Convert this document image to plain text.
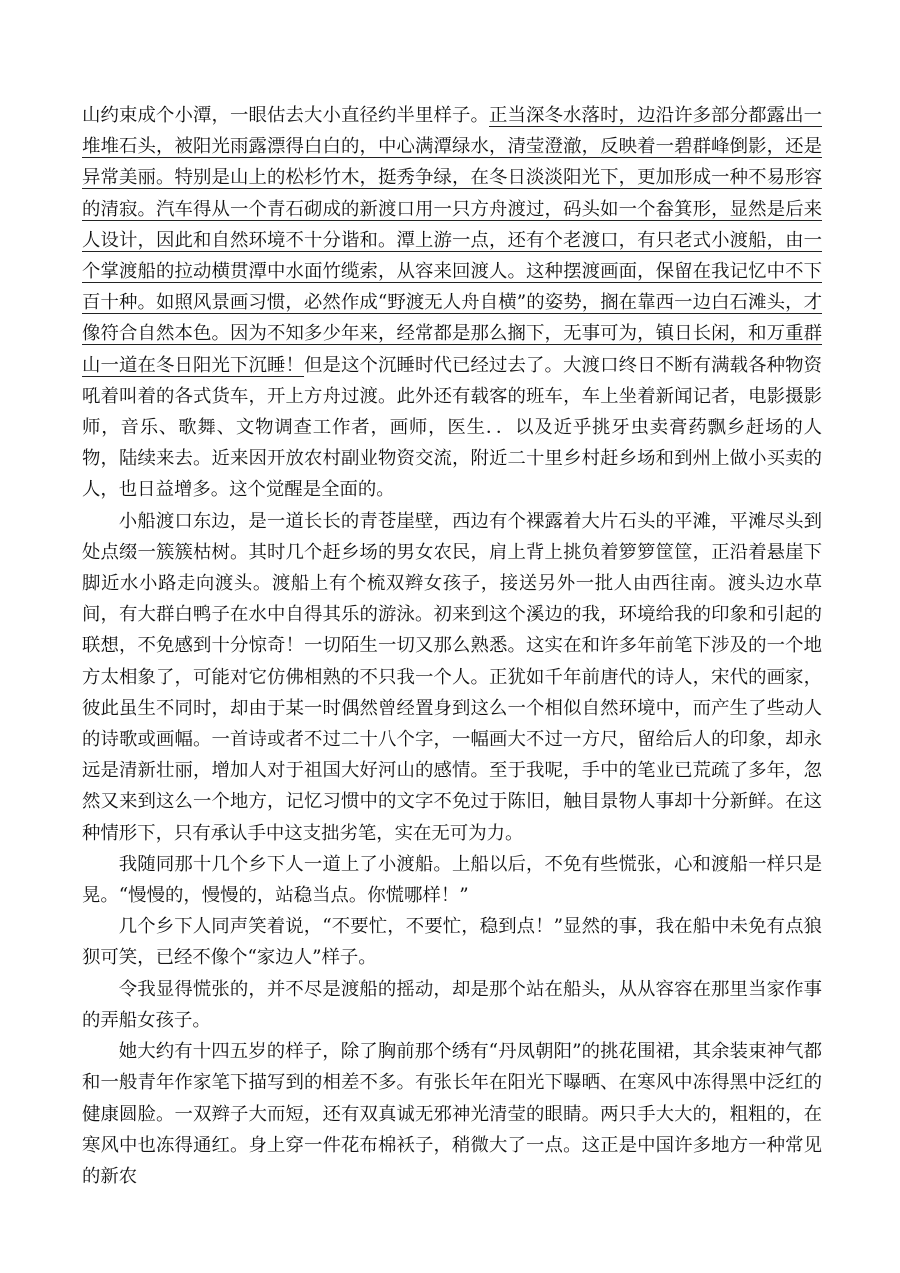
山约束成个小潭，一眼估去大小直径约半里样子。正当深冬水落时，边沿许多部分都露出一堆堆石头，被阳光雨露漂得白白的，中心满潭绿水，清莹澄澈，反映着一碧群峰倒影，还是异常美丽。特别是山上的松杉竹木，挺秀争绿，在冬日淡淡阳光下，更加形成一种不易形容的清寂。汽车得从一个青石砌成的新渡口用一只方舟渡过，码头如一个畚箕形，显然是后来人设计，因此和自然环境不十分谐和。潭上游一点，还有个老渡口，有只老式小渡船，由一个掌渡船的拉动横贯潭中水面竹缆索，从容来回渡人。这种摆渡画面，保留在我记忆中不下百十种。如照风景画习惯，必然作成“野渡无人舟自横”的姿势，搁在靠西一边白石滩头，才像符合自然本色。因为不知多少年来，经常都是那么搁下，无事可为，镇日长闲，和万重群山一道在冬日阳光下沉睡！但是这个沉睡时代已经过去了。大渡口终日不断有满载各种物资吼着叫着的各式货车，开上方舟过渡。此外还有载客的班车，车上坐着新闻记者，电影摄影师，音乐、歌舞、文物调查工作者，画师，医生．．以及近乎挑牙虫卖膏药飘乡赶场的人物，陆续来去。近来因开放农村副业物资交流，附近二十里乡村赶乡场和到州上做小买卖的人，也日益增多。这个觉醒是全面的。

小船渡口东边，是一道长长的青苍崖壁，西边有个裸露着大片石头的平滩，平滩尽头到处点缀一簇簇枯树。其时几个赶乡场的男女农民，肩上背上挑负着箩箩筐筐，正沿着悬崖下脚近水小路走向渡头。渡船上有个梳双辫女孩子，接送另外一批人由西往南。渡头边水草间，有大群白鸭子在水中自得其乐的游泳。初来到这个溪边的我，环境给我的印象和引起的联想，不免感到十分惊奇！一切陌生一切又那么熟悉。这实在和许多年前笔下涉及的一个地方太相象了，可能对它仿佛相熟的不只我一个人。正犹如千年前唐代的诗人，宋代的画家，彼此虽生不同时，却由于某一时偶然曾经置身到这么一个相似自然环境中，而产生了些动人的诗歌或画幅。一首诗或者不过二十八个字，一幅画大不过一方尺，留给后人的印象，却永远是清新壮丽，增加人对于祖国大好河山的感情。至于我呢，手中的笔业已荒疏了多年，忽然又来到这么一个地方，记忆习惯中的文字不免过于陈旧，触目景物人事却十分新鲜。在这种情形下，只有承认手中这支拙劣笔，实在无可为力。

我随同那十几个乡下人一道上了小渡船。上船以后，不免有些慌张，心和渡船一样只是晃。“慢慢的，慢慢的，站稳当点。你慌哪样！”

几个乡下人同声笑着说，“不要忙，不要忙，稳到点！”显然的事，我在船中未免有点狼狈可笑，已经不像个“家边人”样子。

令我显得慌张的，并不尽是渡船的摇动，却是那个站在船头，从从容容在那里当家作事的弄船女孩子。

她大约有十四五岁的样子，除了胸前那个绣有“丹凤朝阳”的挑花围裙，其余装束神气都和一般青年作家笔下描写到的相差不多。有张长年在阳光下曝晒、在寒风中冻得黑中泛红的健康圆脸。一双辫子大而短，还有双真诚无邪神光清莹的眼睛。两只手大大的，粗粗的，在寒风中也冻得通红。身上穿一件花布棉袄子，稍微大了一点。这正是中国许多地方一种常见的新农
